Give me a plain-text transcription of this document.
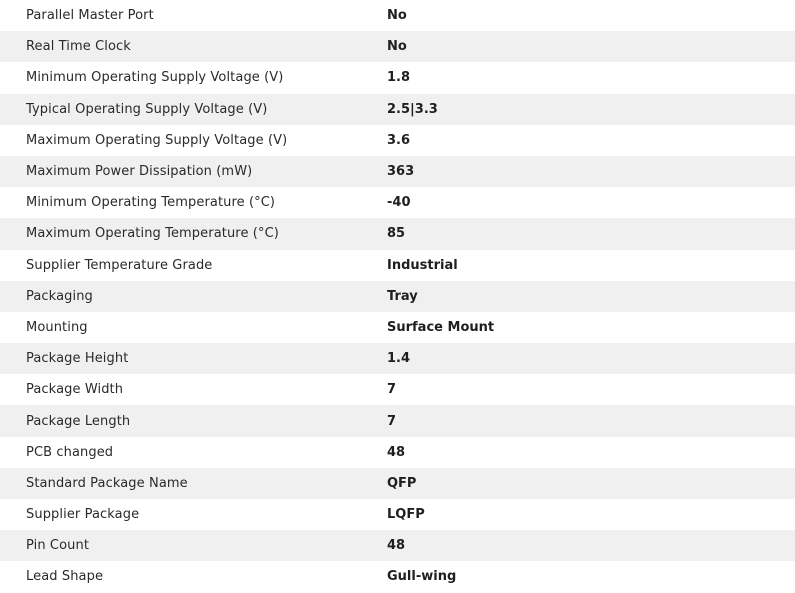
Parallel Master Port	No
Real Time Clock	No
Minimum Operating Supply Voltage (V)	1.8
Typical Operating Supply Voltage (V)	2.5|3.3
Maximum Operating Supply Voltage (V)	3.6
Maximum Power Dissipation (mW)	363
Minimum Operating Temperature (°C)	-40
Maximum Operating Temperature (°C)	85
Supplier Temperature Grade	Industrial
Packaging	Tray
Mounting	Surface Mount
Package Height	1.4
Package Width	7
Package Length	7
PCB changed	48
Standard Package Name	QFP
Supplier Package	LQFP
Pin Count	48
Lead Shape	Gull-wing
